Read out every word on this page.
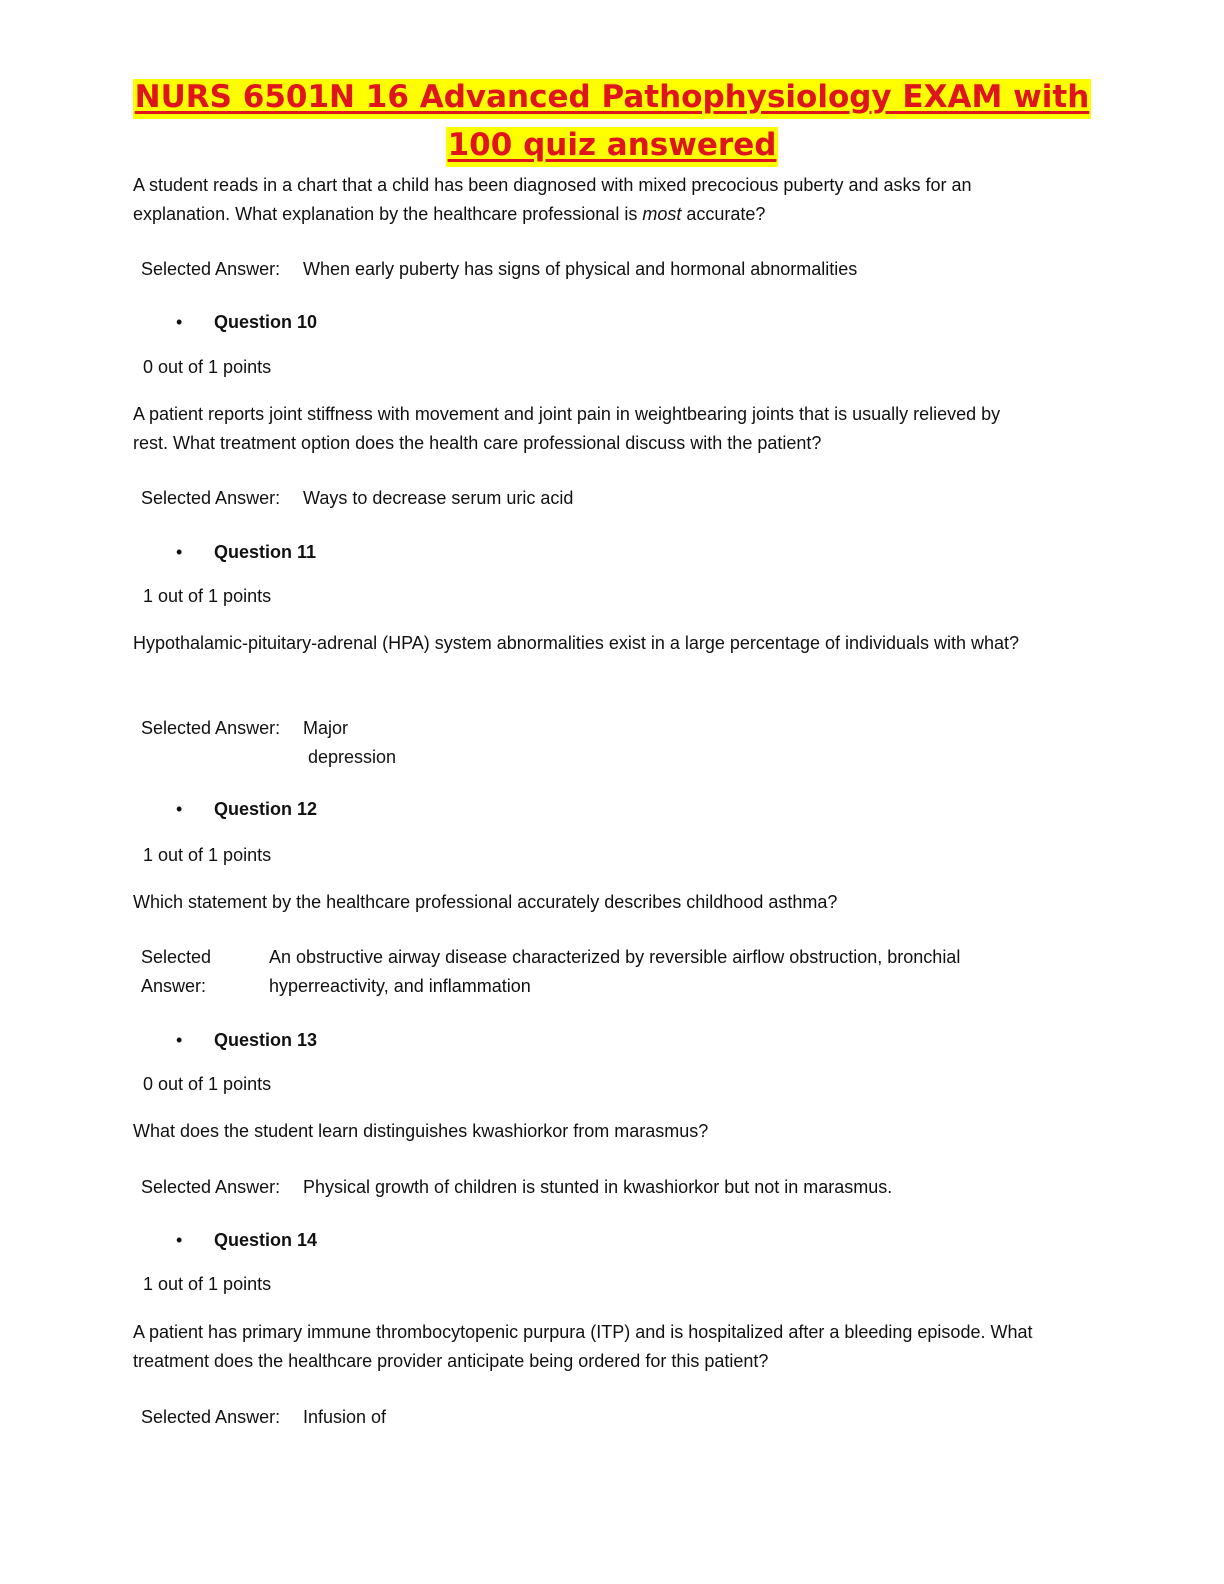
NURS 6501N 16 Advanced Pathophysiology EXAM with
100 quiz answered

A student reads in a chart that a child has been diagnosed with mixed precocious puberty and asks for an explanation. What explanation by the healthcare professional is most accurate?

Selected Answer: When early puberty has signs of physical and hormonal abnormalities
• Question 10
0 out of 1 points

A patient reports joint stiffness with movement and joint pain in weightbearing joints that is usually relieved by rest. What treatment option does the health care professional discuss with the patient?

Selected Answer: Ways to decrease serum uric acid
• Question 11
1 out of 1 points

Hypothalamic-pituitary-adrenal (HPA) system abnormalities exist in a large percentage of individuals with what?

Selected Answer: Major
depression
• Question 12
1 out of 1 points

Which statement by the healthcare professional accurately describes childhood asthma?

Selected
Answer:
An obstructive airway disease characterized by reversible airflow obstruction, bronchial hyperreactivity, and inflammation
• Question 13
0 out of 1 points

What does the student learn distinguishes kwashiorkor from marasmus?

Selected Answer: Physical growth of children is stunted in kwashiorkor but not in marasmus.
• Question 14
1 out of 1 points

A patient has primary immune thrombocytopenic purpura (ITP) and is hospitalized after a bleeding episode. What treatment does the healthcare provider anticipate being ordered for this patient?

Selected Answer: Infusion of
